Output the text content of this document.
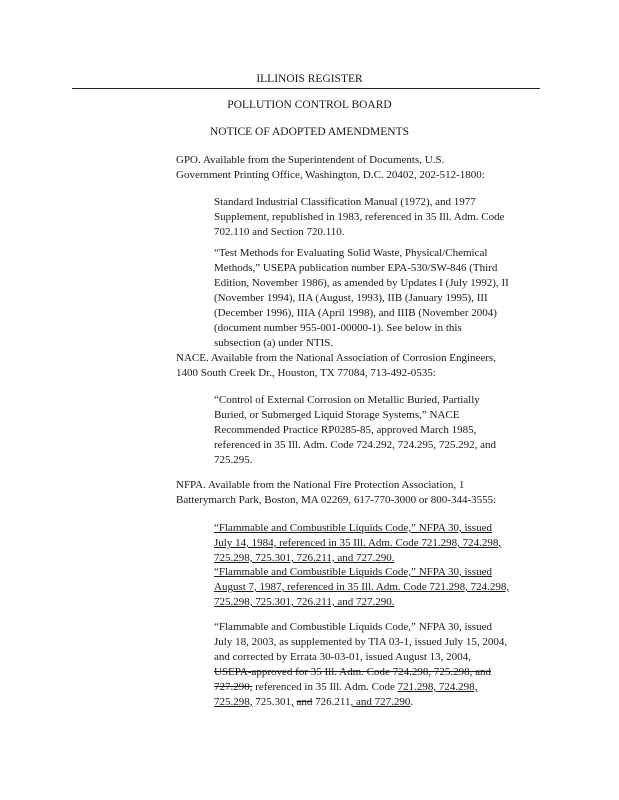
ILLINOIS REGISTER
POLLUTION CONTROL BOARD
NOTICE OF ADOPTED AMENDMENTS
GPO. Available from the Superintendent of Documents, U.S.
Government Printing Office, Washington, D.C. 20402, 202-512-1800:
Standard Industrial Classification Manual (1972), and 1977
Supplement, republished in 1983, referenced in 35 Ill. Adm. Code
702.110 and Section 720.110.
“Test Methods for Evaluating Solid Waste, Physical/Chemical
Methods,” USEPA publication number EPA-530/SW-846 (Third
Edition, November 1986), as amended by Updates I (July 1992), II
(November 1994), IIA (August, 1993), IIB (January 1995), III
(December 1996), IIIA (April 1998), and IIIB (November 2004)
(document number 955-001-00000-1). See below in this
subsection (a) under NTIS.
NACE. Available from the National Association of Corrosion Engineers,
1400 South Creek Dr., Houston, TX 77084, 713-492-0535:
“Control of External Corrosion on Metallic Buried, Partially
Buried, or Submerged Liquid Storage Systems,” NACE
Recommended Practice RP0285-85, approved March 1985,
referenced in 35 Ill. Adm. Code 724.292, 724.295, 725.292, and
725.295.
NFPA. Available from the National Fire Protection Association, 1
Batterymarch Park, Boston, MA 02269, 617-770-3000 or 800-344-3555:
“Flammable and Combustible Liquids Code,” NFPA 30, issued
July 14, 1984, referenced in 35 Ill. Adm. Code 721.298, 724.298,
725.298, 725.301, 726.211, and 727.290.
“Flammable and Combustible Liquids Code,” NFPA 30, issued
August 7, 1987, referenced in 35 Ill. Adm. Code 721.298, 724.298,
725.298, 725.301, 726.211, and 727.290.
“Flammable and Combustible Liquids Code,” NFPA 30, issued
July 18, 2003, as supplemented by TIA 03-1, issued July 15, 2004,
and corrected by Errata 30-03-01, issued August 13, 2004,
USEPA-approved for 35 Ill. Adm. Code 724.298, 725.298, and
727.290, referenced in 35 Ill. Adm. Code 721.298, 724.298,
725.298, 725.301, and 726.211, and 727.290.
